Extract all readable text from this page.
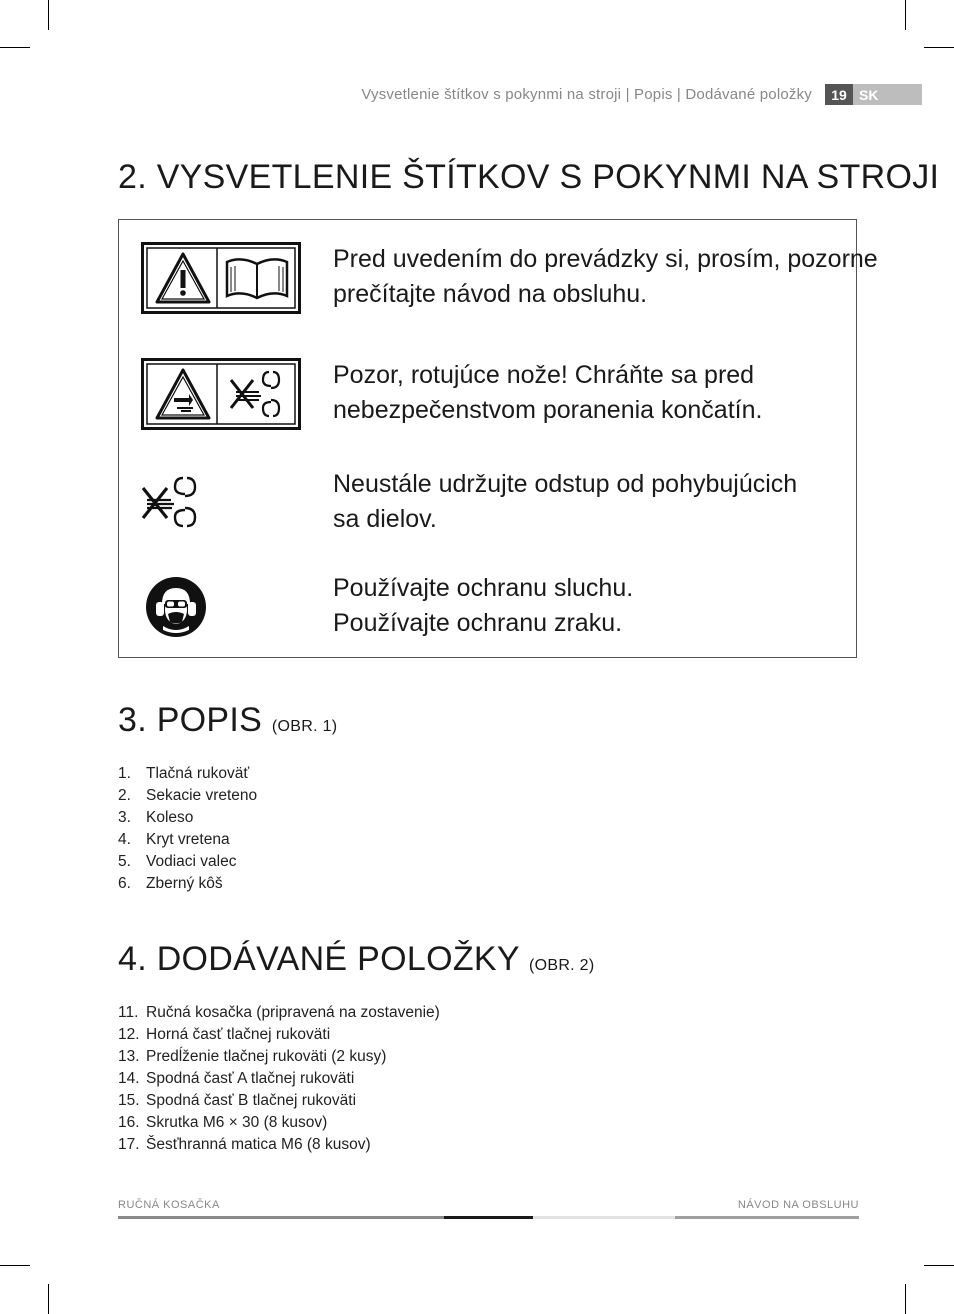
Vysvetlenie štítkov s pokynmi na stroji | Popis | Dodávané položky	19 SK
2. VYSVETLENIE ŠTÍTKOV S POKYNMI NA STROJI
Pred uvedením do prevádzky si, prosím, pozorne
prečítajte návod na obsluhu.
Pozor, rotujúce nože! Chráňte sa pred
nebezpečenstvom poranenia končatín.
Neustále udržujte odstup od pohybujúcich
sa dielov.
Používajte ochranu sluchu.
Používajte ochranu zraku.
3. POPIS (OBR. 1)
1. Tlačná rukoväť
2. Sekacie vreteno
3. Koleso
4. Kryt vretena
5. Vodiaci valec
6. Zberný kôš
4. DODÁVANÉ POLOŽKY (OBR. 2)
11. Ručná kosačka (pripravená na zostavenie)
12. Horná časť tlačnej rukoväti
13. Predĺženie tlačnej rukoväti (2 kusy)
14. Spodná časť A tlačnej rukoväti
15. Spodná časť B tlačnej rukoväti
16. Skrutka M6 × 30 (8 kusov)
17. Šesťhranná matica M6 (8 kusov)
RUČNÁ KOSAČKA	NÁVOD NA OBSLUHU
